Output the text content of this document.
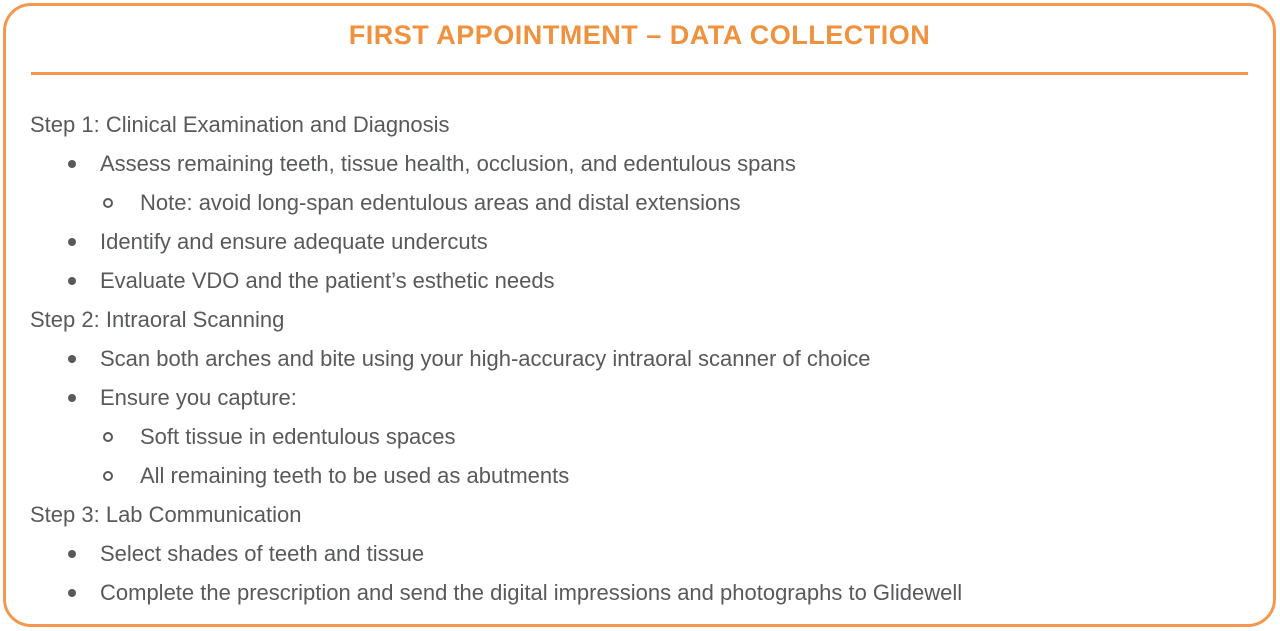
FIRST APPOINTMENT – DATA COLLECTION
Step 1: Clinical Examination and Diagnosis
Assess remaining teeth, tissue health, occlusion, and edentulous spans
Note: avoid long-span edentulous areas and distal extensions
Identify and ensure adequate undercuts
Evaluate VDO and the patient’s esthetic needs
Step 2: Intraoral Scanning
Scan both arches and bite using your high-accuracy intraoral scanner of choice
Ensure you capture:
Soft tissue in edentulous spaces
All remaining teeth to be used as abutments
Step 3: Lab Communication
Select shades of teeth and tissue
Complete the prescription and send the digital impressions and photographs to Glidewell
